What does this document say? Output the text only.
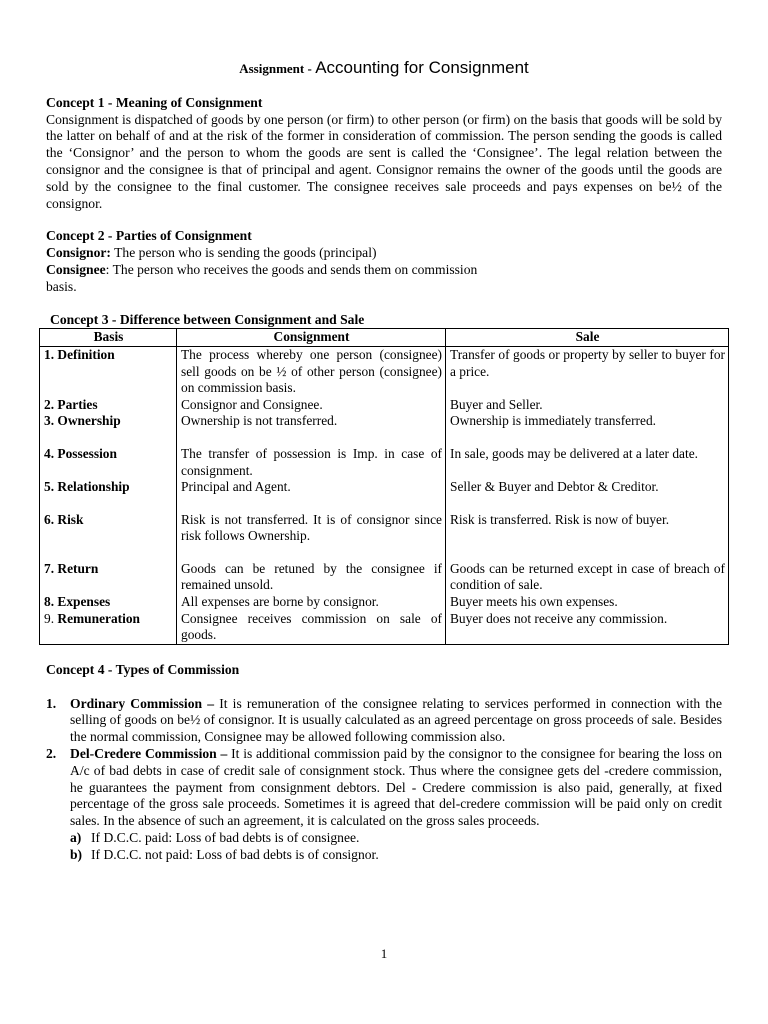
Assignment - Accounting for Consignment

Concept 1 - Meaning of Consignment

Consignment is dispatched of goods by one person (or firm) to other person (or firm) on the basis that goods will be sold by the latter on behalf of and at the risk of the former in consideration of commission. The person sending the goods is called the ‘Consignor’ and the person to whom the goods are sent is called the ‘Consignee’. The legal relation between the consignor and the consignee is that of principal and agent. Consignor remains the owner of the goods until the goods are sold by the consignee to the final customer. The consignee receives sale proceeds and pays expenses on be½ of the consignor.

Concept 2 - Parties of Consignment

Consignor: The person who is sending the goods (principal)

Consignee: The person who receives the goods and sends them on commission basis.

Concept 3 - Difference between Consignment and Sale

Basis	Consignment	Sale
1. Definition	The process whereby one person (consignee) sell goods on be ½ of other person (consignee) on commission basis.	Transfer of goods or property by seller to buyer for a price.
2. Parties	Consignor and Consignee.	Buyer and Seller.
3. Ownership	Ownership is not transferred.	Ownership is immediately transferred.
4. Possession	The transfer of possession is Imp. in case of consignment.	In sale, goods may be delivered at a later date.
5. Relationship	Principal and Agent.	Seller & Buyer and Debtor & Creditor.
6. Risk	Risk is not transferred. It is of consignor since risk follows Ownership.	Risk is transferred. Risk is now of buyer.
7. Return	Goods can be retuned by the consignee if remained unsold.	Goods can be returned except in case of breach of condition of sale.
8. Expenses	All expenses are borne by consignor.	Buyer meets his own expenses.
9. Remuneration	Consignee receives commission on sale of goods.	Buyer does not receive any commission.

Concept 4 - Types of Commission

1. Ordinary Commission – It is remuneration of the consignee relating to services performed in connection with the selling of goods on be½ of consignor. It is usually calculated as an agreed percentage on gross proceeds of sale. Besides the normal commission, Consignee may be allowed following commission also.
2. Del-Credere Commission – It is additional commission paid by the consignor to the consignee for bearing the loss on A/c of bad debts in case of credit sale of consignment stock. Thus where the consignee gets del -credere commission, he guarantees the payment from consignment debtors. Del - Credere commission is also paid, generally, at fixed percentage of the gross sale proceeds. Sometimes it is agreed that del-credere commission will be paid only on credit sales. In the absence of such an agreement, it is calculated on the gross sales proceeds.
a) If D.C.C. paid: Loss of bad debts is of consignee.
b) If D.C.C. not paid: Loss of bad debts is of consignor.
1
